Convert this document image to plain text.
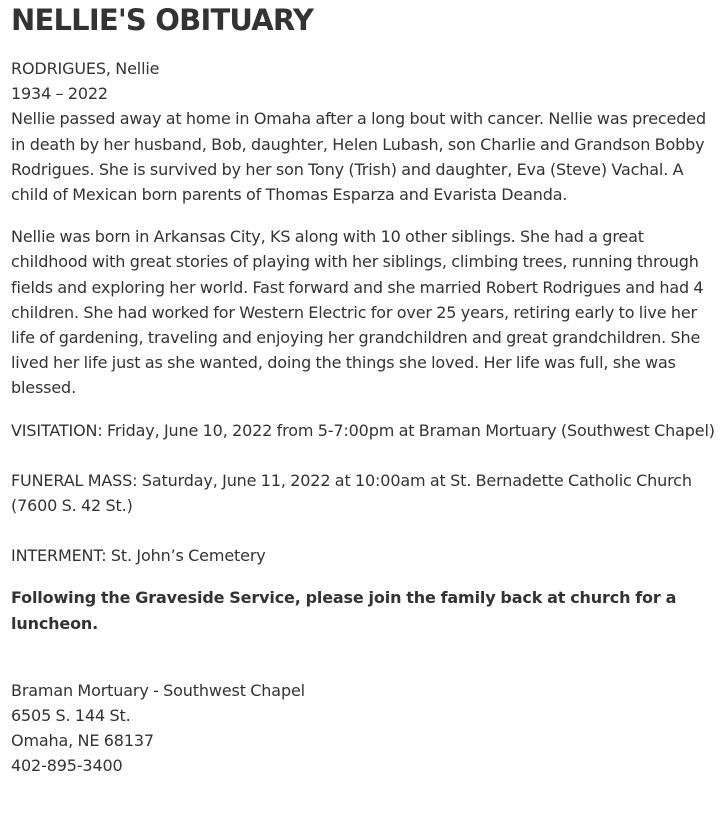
NELLIE'S OBITUARY
RODRIGUES, Nellie
1934 – 2022
Nellie passed away at home in Omaha after a long bout with cancer. Nellie was preceded in death by her husband, Bob, daughter, Helen Lubash, son Charlie and Grandson Bobby Rodrigues. She is survived by her son Tony (Trish) and daughter, Eva (Steve) Vachal. A child of Mexican born parents of Thomas Esparza and Evarista Deanda.

Nellie was born in Arkansas City, KS along with 10 other siblings. She had a great childhood with great stories of playing with her siblings, climbing trees, running through fields and exploring her world. Fast forward and she married Robert Rodrigues and had 4 children. She had worked for Western Electric for over 25 years, retiring early to live her life of gardening, traveling and enjoying her grandchildren and great grandchildren. She lived her life just as she wanted, doing the things she loved. Her life was full, she was blessed.

VISITATION: Friday, June 10, 2022 from 5-7:00pm at Braman Mortuary (Southwest Chapel)

FUNERAL MASS: Saturday, June 11, 2022 at 10:00am at St. Bernadette Catholic Church (7600 S. 42 St.)

INTERMENT: St. John’s Cemetery

Following the Graveside Service, please join the family back at church for a luncheon.

Braman Mortuary - Southwest Chapel
6505 S. 144 St.
Omaha, NE 68137
402-895-3400
